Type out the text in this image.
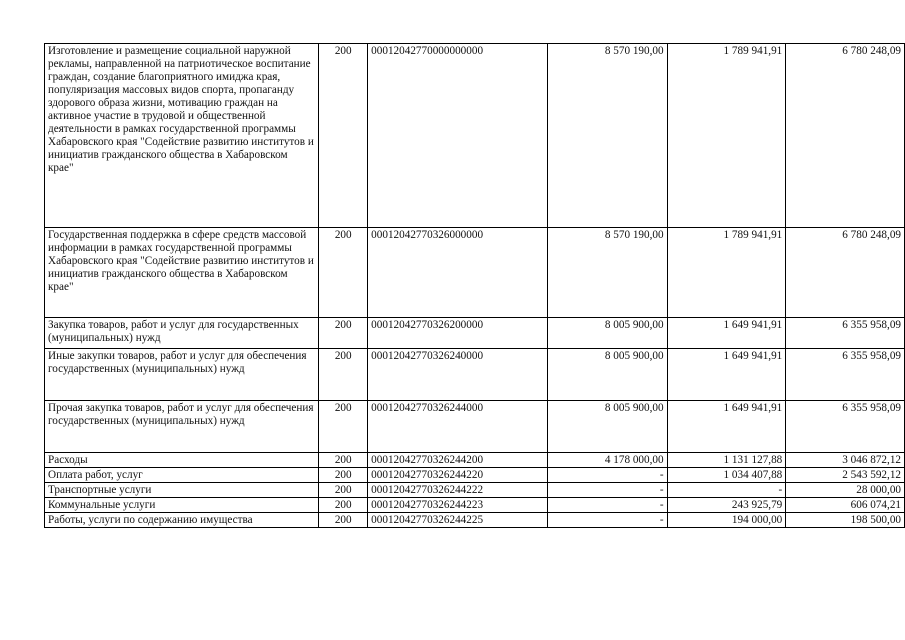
Изготовление и размещение социальной наружной рекламы, направленной на патриотическое воспитание граждан, создание благоприятного имиджа края, популяризация массовых видов спорта, пропаганду здорового образа жизни, мотивацию граждан на активное участие в трудовой и общественной деятельности в рамках государственной программы Хабаровского края "Содействие развитию институтов и инициатив гражданского общества в Хабаровском крае"	200	00012042770000000000	8 570 190,00	1 789 941,91	6 780 248,09
Государственная поддержка в сфере средств массовой информации в рамках государственной программы Хабаровского края "Содействие развитию институтов и инициатив гражданского общества в Хабаровском крае"	200	00012042770326000000	8 570 190,00	1 789 941,91	6 780 248,09
Закупка товаров, работ и услуг для государственных (муниципальных) нужд	200	00012042770326200000	8 005 900,00	1 649 941,91	6 355 958,09
Иные закупки товаров, работ и услуг для обеспечения государственных (муниципальных) нужд	200	00012042770326240000	8 005 900,00	1 649 941,91	6 355 958,09
Прочая закупка товаров, работ и услуг для обеспечения государственных (муниципальных) нужд	200	00012042770326244000	8 005 900,00	1 649 941,91	6 355 958,09
Расходы	200	00012042770326244200	4 178 000,00	1 131 127,88	3 046 872,12
Оплата работ, услуг	200	00012042770326244220	-	1 034 407,88	2 543 592,12
Транспортные услуги	200	00012042770326244222	-	-	28 000,00
Коммунальные услуги	200	00012042770326244223	-	243 925,79	606 074,21
Работы, услуги по содержанию имущества	200	00012042770326244225	-	194 000,00	198 500,00
